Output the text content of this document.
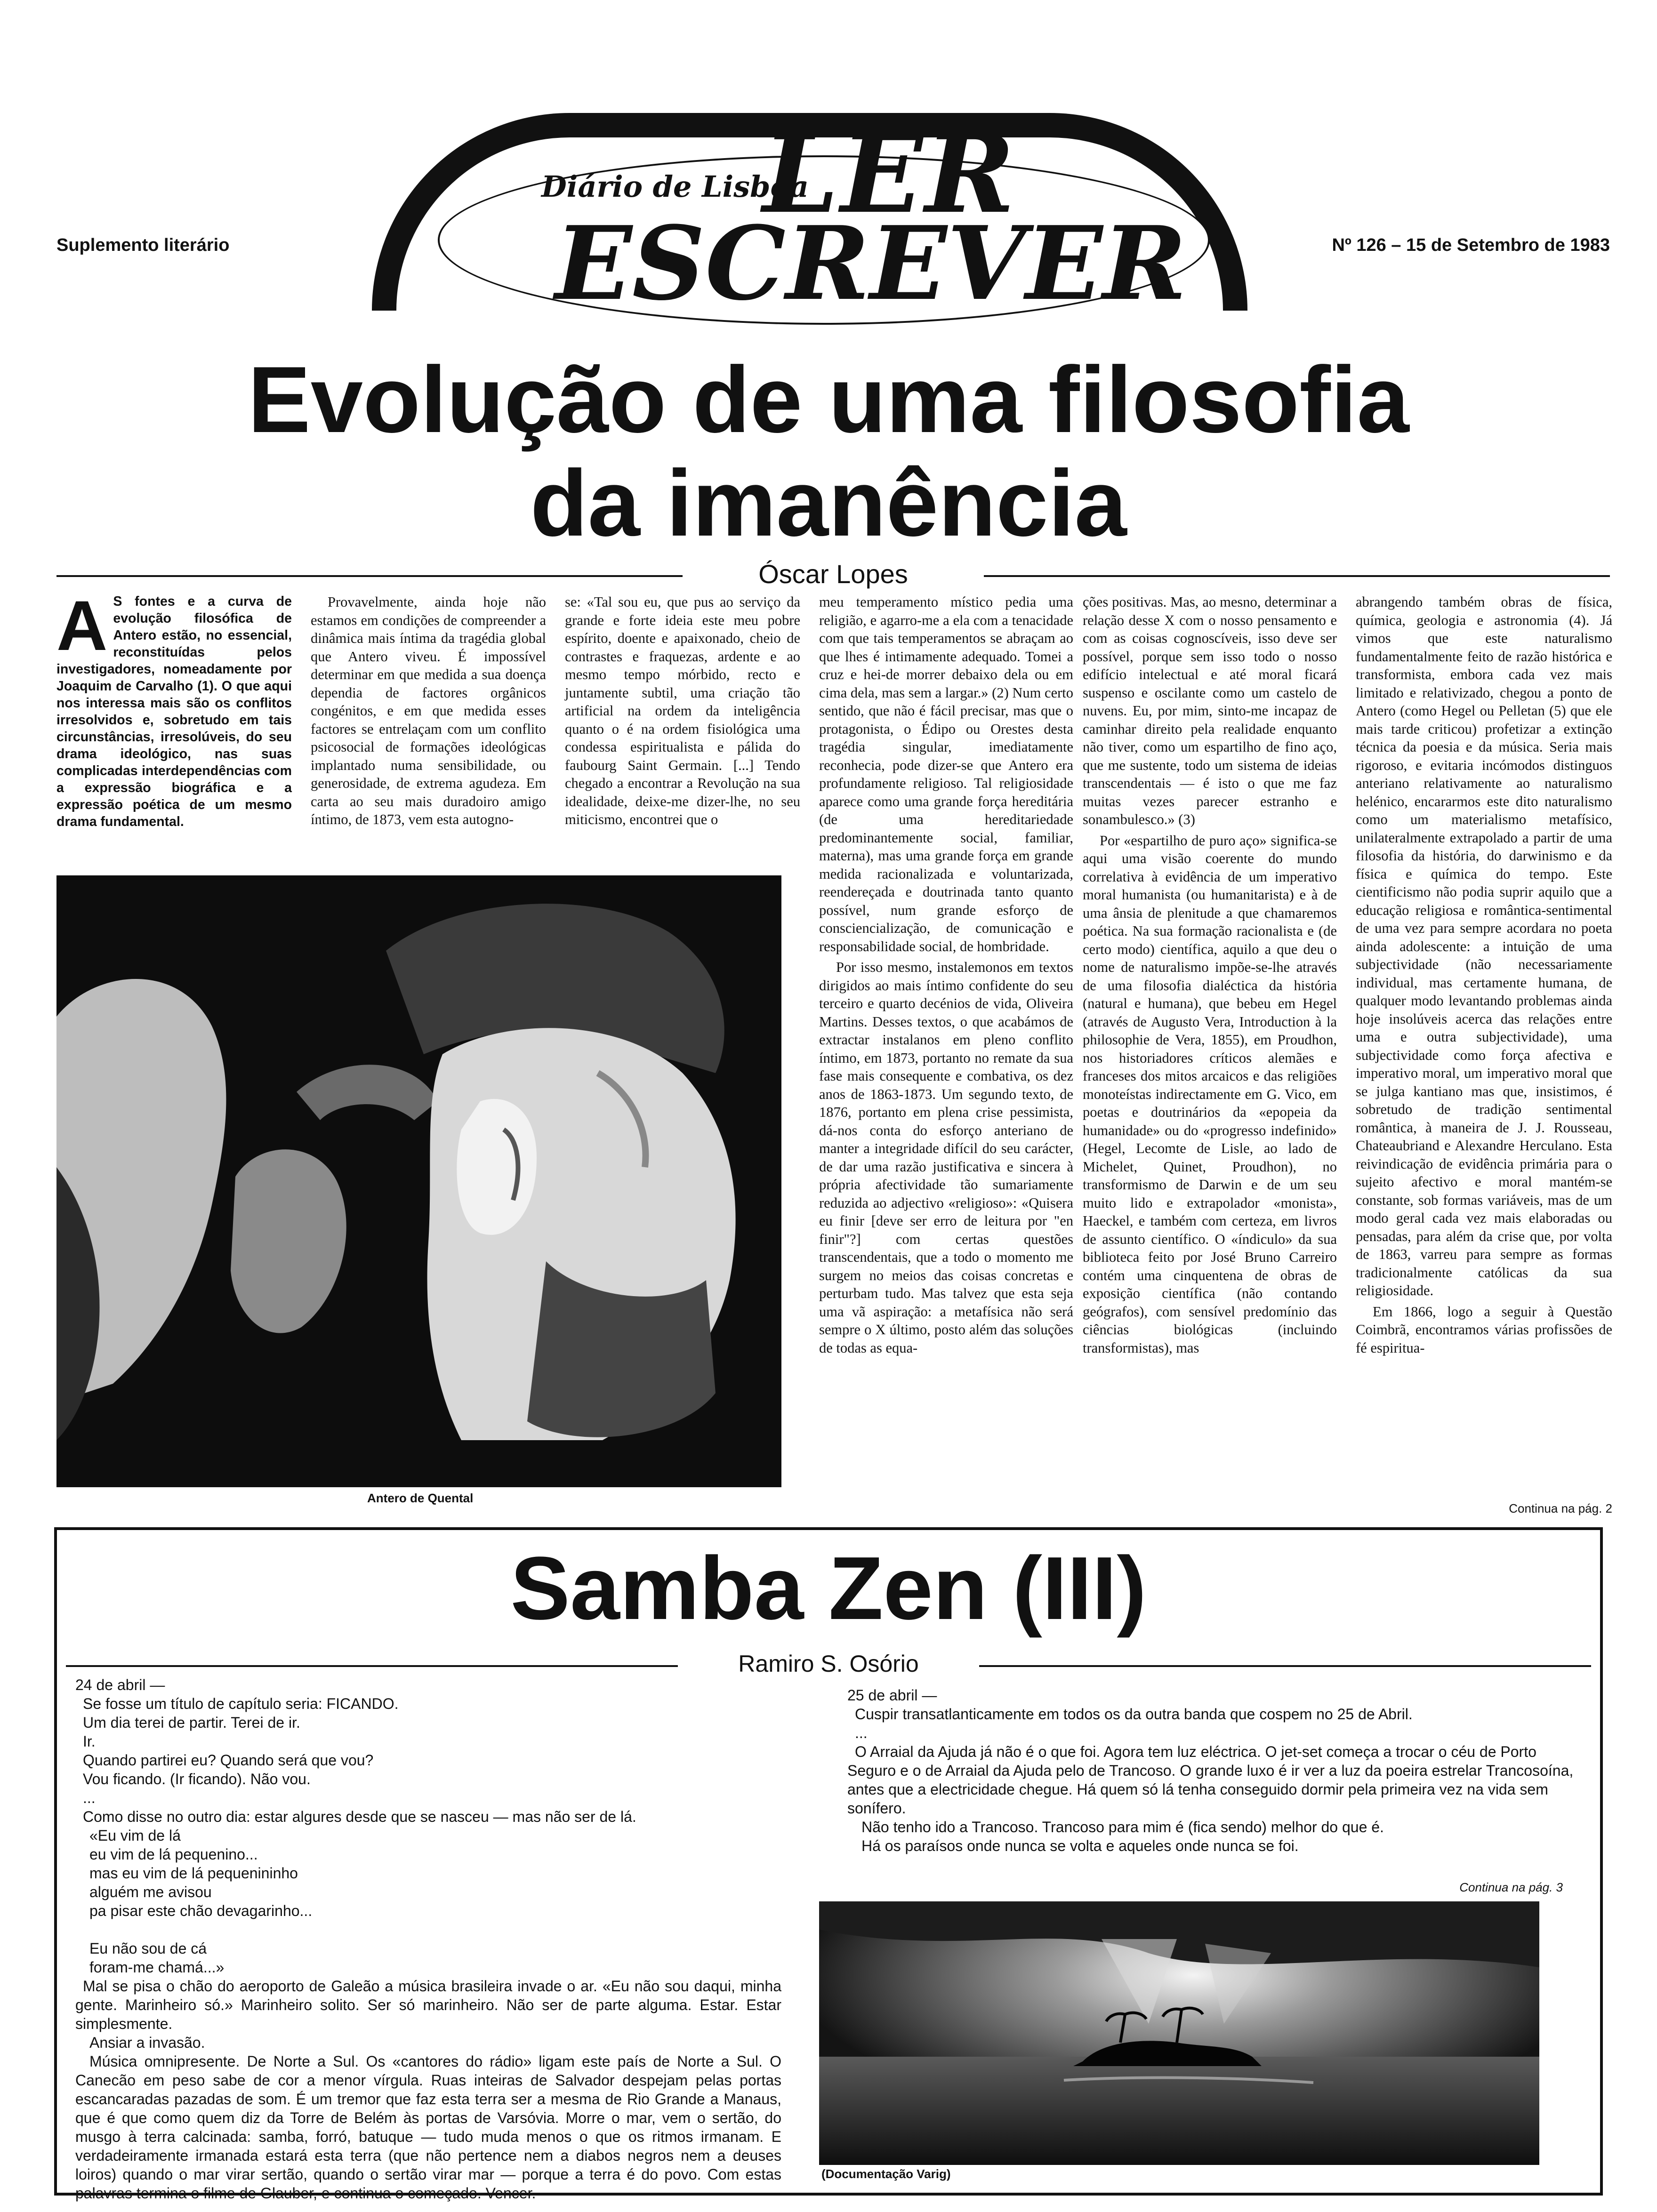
Diário de Lisboa
LER
ESCREVER
Suplemento literário	Nº 126 – 15 de Setembro de 1983
Evolução de uma filosofia
da imanência
Óscar Lopes
A S fontes e a curva de evolução filosófica de Antero estão, no essencial, reconstituídas pelos investigadores, nomeadamente por Joaquim de Carvalho (1). O que aqui nos interessa mais são os conflitos irresolvidos e, sobretudo em tais circunstâncias, irresolúveis, do seu drama ideológico, nas suas complicadas interdependências com a expressão biográfica e a expressão poética de um mesmo drama fundamental.

Provavelmente, ainda hoje não estamos em condições de compreender a dinâmica mais íntima da tragédia global que Antero viveu. É impossível determinar em que medida a sua doença dependia de factores orgânicos congénitos, e em que medida esses factores se entrelaçam com um conflito psicosocial de formações ideológicas implantado numa sensibilidade, ou generosidade, de extrema agudeza. Em carta ao seu mais duradoiro amigo íntimo, de 1873, vem esta autogno-

se: «Tal sou eu, que pus ao serviço da grande e forte ideia este meu pobre espírito, doente e apaixonado, cheio de contrastes e fraquezas, ardente e ao mesmo tempo mórbido, recto e juntamente subtil, uma criação tão artificial na ordem da inteligência quanto o é na ordem fisiológica uma condessa espiritualista e pálida do faubourg Saint Germain. [...] Tendo chegado a encontrar a Revolução na sua idealidade, deixe-me dizer-lhe, no seu miticismo, encontrei que o

meu temperamento místico pedia uma religião, e agarro-me a ela com a tenacidade com que tais temperamentos se abraçam ao que lhes é intimamente adequado. Tomei a cruz e hei-de morrer debaixo dela ou em cima dela, mas sem a largar.» (2) Num certo sentido, que não é fácil precisar, mas que o protagonista, o Édipo ou Orestes desta tragédia singular, imediatamente reconhecia, pode dizer-se que Antero era profundamente religioso. Tal religiosidade aparece como uma grande força hereditária (de uma hereditariedade predominantemente social, familiar, materna), mas uma grande força em grande medida racionalizada e voluntarizada, reendereçada e doutrinada tanto quanto possível, num grande esforço de consciencialização, de comunicação e responsabilidade social, de hombridade.

Por isso mesmo, instalemonos em textos dirigidos ao mais íntimo confidente do seu terceiro e quarto decénios de vida, Oliveira Martins. Desses textos, o que acabámos de extractar instalanos em pleno conflito íntimo, em 1873, portanto no remate da sua fase mais consequente e combativa, os dez anos de 1863-1873. Um segundo texto, de 1876, portanto em plena crise pessimista, dá-nos conta do esforço anteriano de manter a integridade difícil do seu carácter, de dar uma razão justificativa e sincera à própria afectividade tão sumariamente reduzida ao adjectivo «religioso»: «Quisera eu finir [deve ser erro de leitura por "en finir"?] com certas questões transcendentais, que a todo o momento me surgem no meios das coisas concretas e perturbam tudo. Mas talvez que esta seja uma vã aspiração: a metafísica não será sempre o X último, posto além das soluções de todas as equa-

ções positivas. Mas, ao mesno, determinar a relação desse X com o nosso pensamento e com as coisas cognoscíveis, isso deve ser possível, porque sem isso todo o nosso edifício intelectual e até moral ficará suspenso e oscilante como um castelo de nuvens. Eu, por mim, sinto-me incapaz de caminhar direito pela realidade enquanto não tiver, como um espartilho de fino aço, que me sustente, todo um sistema de ideias transcendentais — é isto o que me faz muitas vezes parecer estranho e sonambulesco.» (3)

Por «espartilho de puro aço» significa-se aqui uma visão coerente do mundo correlativa à evidência de um imperativo moral humanista (ou humanitarista) e à de uma ânsia de plenitude a que chamaremos poética. Na sua formação racionalista e (de certo modo) científica, aquilo a que deu o nome de naturalismo impõe-se-lhe através de uma filosofia dialéctica da história (natural e humana), que bebeu em Hegel (através de Augusto Vera, Introduction à la philosophie de Vera, 1855), em Proudhon, nos historiadores críticos alemães e franceses dos mitos arcaicos e das religiões monoteístas indirectamente em G. Vico, em poetas e doutrinários da «epopeia da humanidade» ou do «progresso indefinido» (Hegel, Lecomte de Lisle, ao lado de Michelet, Quinet, Proudhon), no transformismo de Darwin e de um seu muito lido e extrapolador «monista», Haeckel, e também com certeza, em livros de assunto científico. O «índiculo» da sua biblioteca feito por José Bruno Carreiro contém uma cinquentena de obras de exposição científica (não contando geógrafos), com sensível predomínio das ciências biológicas (incluindo transformistas), mas

abrangendo também obras de física, química, geologia e astronomia (4). Já vimos que este naturalismo fundamentalmente feito de razão histórica e transformista, embora cada vez mais limitado e relativizado, chegou a ponto de Antero (como Hegel ou Pelletan (5) que ele mais tarde criticou) profetizar a extinção técnica da poesia e da música. Seria mais rigoroso, e evitaria incómodos distinguos anteriano relativamente ao naturalismo helénico, encararmos este dito naturalismo como um materialismo metafísico, unilateralmente extrapolado a partir de uma filosofia da história, do darwinismo e da física e química do tempo. Este cientificismo não podia suprir aquilo que a educação religiosa e romântica-sentimental de uma vez para sempre acordara no poeta ainda adolescente: a intuição de uma subjectividade (não necessariamente individual, mas certamente humana, de qualquer modo levantando problemas ainda hoje insolúveis acerca das relações entre uma e outra subjectividade), uma subjectividade como força afectiva e imperativo moral, um imperativo moral que se julga kantiano mas que, insistimos, é sobretudo de tradição sentimental romântica, à maneira de J. J. Rousseau, Chateaubriand e Alexandre Herculano. Esta reivindicação de evidência primária para o sujeito afectivo e moral mantém-se constante, sob formas variáveis, mas de um modo geral cada vez mais elaboradas ou pensadas, para além da crise que, por volta de 1863, varreu para sempre as formas tradicionalmente católicas da sua religiosidade.

Em 1866, logo a seguir à Questão Coimbrã, encontramos várias profissões de fé espiritua-

Continua na pág. 2
Antero de Quental
Samba Zen (III)
Ramiro S. Osório

24 de abril —

Se fosse um título de capítulo seria: FICANDO.

Um dia terei de partir. Terei de ir.

Ir.

Quando partirei eu? Quando será que vou?

Vou ficando. (Ir ficando). Não vou.

...

Como disse no outro dia: estar algures desde que se nasceu — mas não ser de lá.

«Eu vim de lá

eu vim de lá pequenino...

mas eu vim de lá pequenininho

alguém me avisou

pa pisar este chão devagarinho...

Eu não sou de cá

foram-me chamá...»

Mal se pisa o chão do aeroporto de Galeão a música brasileira invade o ar. «Eu não sou daqui, minha gente. Marinheiro só.» Marinheiro solito. Ser só marinheiro. Não ser de parte alguma. Estar. Estar simplesmente.

Ansiar a invasão.

Música omnipresente. De Norte a Sul. Os «cantores do rádio» ligam este país de Norte a Sul. O Canecão em peso sabe de cor a menor vírgula. Ruas inteiras de Salvador despejam pelas portas escancaradas pazadas de som. É um tremor que faz esta terra ser a mesma de Rio Grande a Manaus, que é que como quem diz da Torre de Belém às portas de Varsóvia. Morre o mar, vem o sertão, do musgo à terra calcinada: samba, forró, batuque — tudo muda menos o que os ritmos irmanam. E verdadeiramente irmanada estará esta terra (que não pertence nem a diabos negros nem a deuses loiros) quando o mar virar sertão, quando o sertão virar mar — porque a terra é do povo. Com estas palavras termina o filme de Glauber, e continua o começado. Vencer.

25 de abril —

Cuspir transatlanticamente em todos os da outra banda que cospem no 25 de Abril.

...

O Arraial da Ajuda já não é o que foi. Agora tem luz eléctrica. O jet-set começa a trocar o céu de Porto Seguro e o de Arraial da Ajuda pelo de Trancoso. O grande luxo é ir ver a luz da poeira estrelar Trancosoína, antes que a electricidade chegue. Há quem só lá tenha conseguido dormir pela primeira vez na vida sem sonífero.

Não tenho ido a Trancoso. Trancoso para mim é (fica sendo) melhor do que é.

Há os paraísos onde nunca se volta e aqueles onde nunca se foi.

Continua na pág. 3
(Documentação Varig)
